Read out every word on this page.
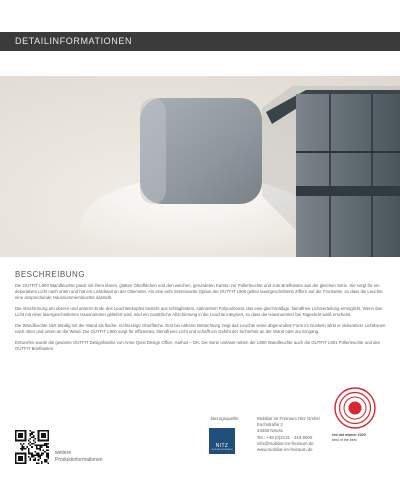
DETAILINFORMATIONEN
BESCHREIBUNG

Die OUTFIT L900 Wandleuchte passt mit ihren klaren, glatten Oberflächen und den weichen, gerundeten Kanten zur Pollerleuchte und zum Briefkasten aus der gleichen Serie. Sie sorgt für ein dekoratives Licht nach unten und hat ein Lichtdetail an der Oberseite. Als eine sehr interessante Option der OUTFIT L900 gelten lasergeschnittene Ziffern auf der Frontseite, so dass die Leuchte eine ansprechende Hausnummernleuchte darstellt.

Die Abschirmung am oberen und unteren Ende des Leuchtenkopfes besteht aus schlagfestem, satiniertem Polycarbonat, das eine gleichmäßige, blendfreie Lichtverteilung ermöglicht. Wenn das Licht mit einer lasergeschnittenen Hausnummer geliefert wird, wird ein zusätzliche Abschirmung in die Leuchte integriert, so dass die Hausnummer bei Tageslicht weiß erscheint.

Die Wandleuchte sitzt bündig mit der Wand als flache, rechteckige Oberfläche. Erst bei näherer Betrachtung zeigt das Leuchte seine abgerundete Form im Dunkeln wirkt er dekorativer Lichtkonen nach oben und unten an die Wand. Die OUTFIT L900 sorgt für effizientes, blendfreies Licht und schafft ein Gefühl der Sicherheit an der Wand oder am Eingang.

Entworfen wurde die gesamte OUTFIT Designfamilie von Anne Qvist Design Office, Aarhus – DK. Die Serie umfasst neben der L900 Wandleuchte auch die OUTFIT L901 Pollerleuchte und den OUTFIT Briefkasten.

red dot winner 2020
best of the best
Bezugsquelle:
NITZ
MOBILIAR IM FREIRAUM
Mobiliar im Freiraum Nitz GmbH
Eschstraße 2
43460 Neuss
Tel.: +49 (0)2131 - 316 9000
info@mobiliar-im-freiraum.de
www.mobiliar-im-freiraum.de
weitere
Produktinformationen
